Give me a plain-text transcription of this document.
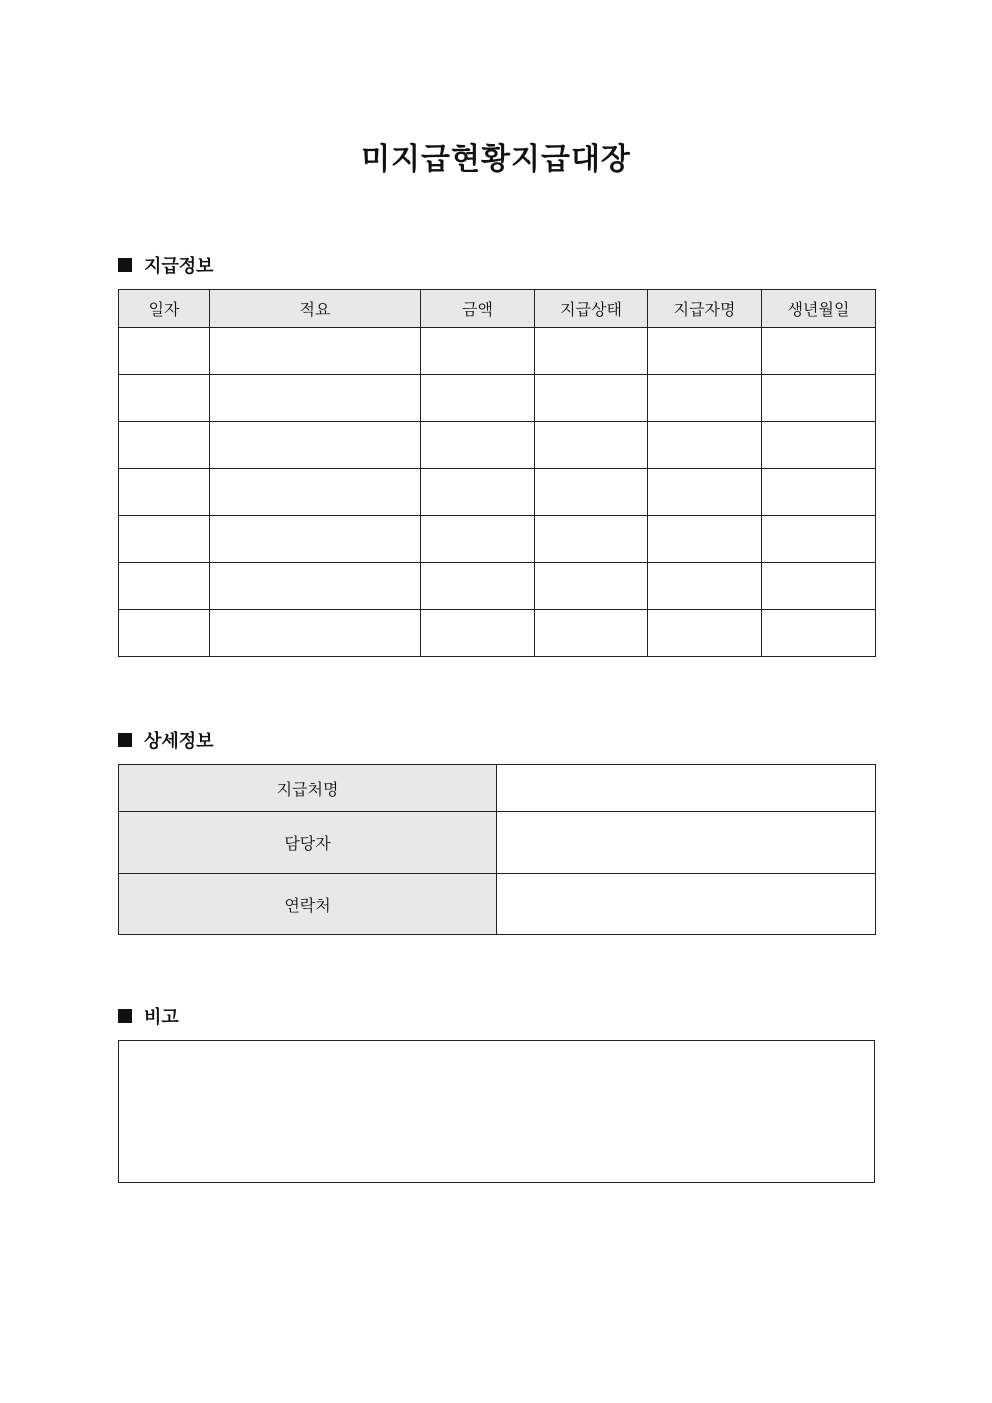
미지급현황지급대장
지급정보
일자	적요	금액	지급상태	지급자명	생년월일

상세정보
지급처명	
담당자	
연락처	
비고
